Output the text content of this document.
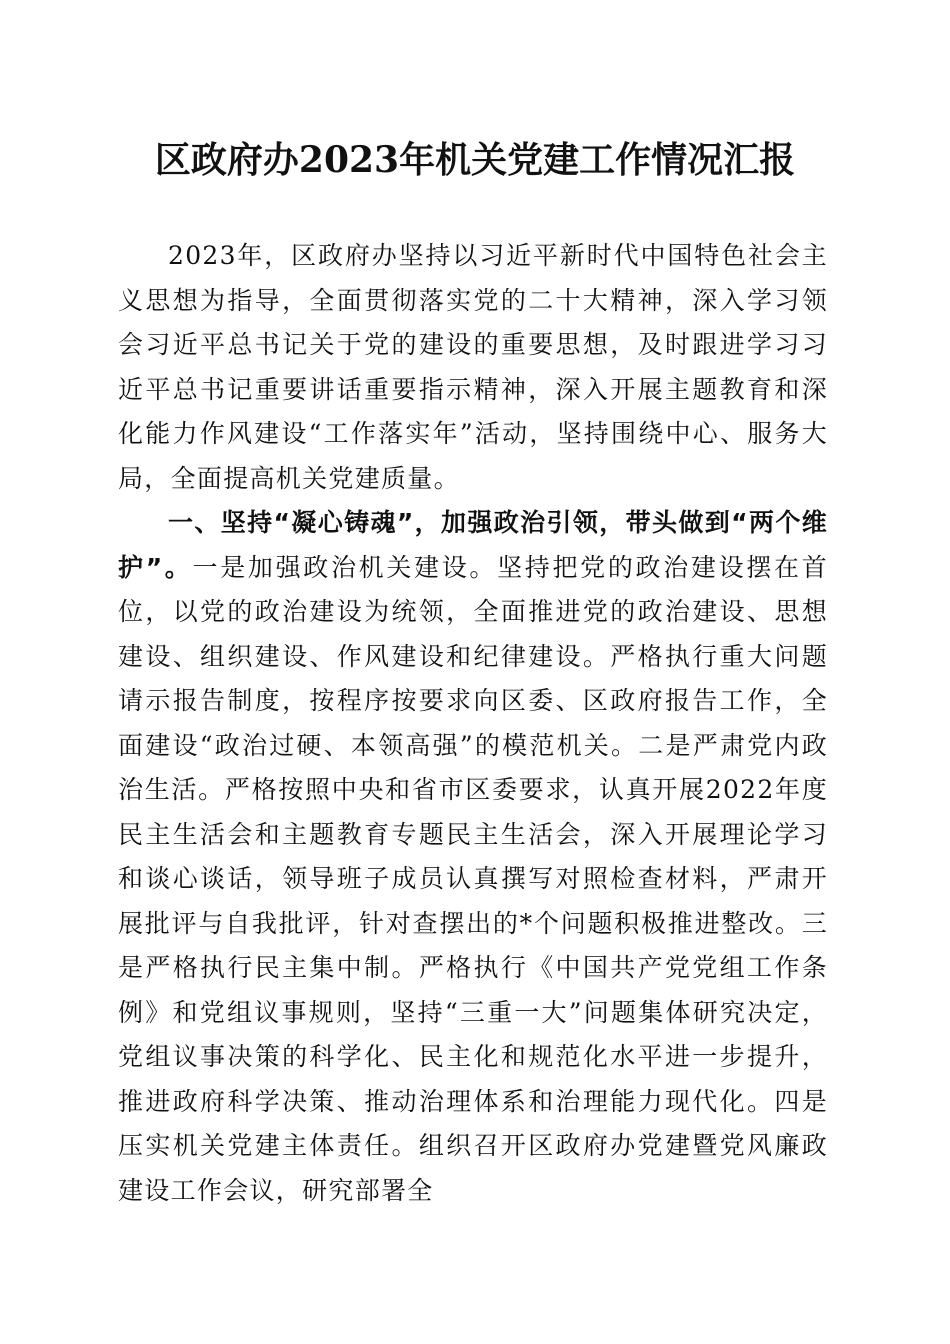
区政府办2023年机关党建工作情况汇报

2023年，区政府办坚持以习近平新时代中国特色社会主义思想为指导，全面贯彻落实党的二十大精神，深入学习领会习近平总书记关于党的建设的重要思想，及时跟进学习习近平总书记重要讲话重要指示精神，深入开展主题教育和深化能力作风建设“工作落实年”活动，坚持围绕中心、服务大局，全面提高机关党建质量。

一、坚持“凝心铸魂”，加强政治引领，带头做到“两个维护”。一是加强政治机关建设。坚持把党的政治建设摆在首位，以党的政治建设为统领，全面推进党的政治建设、思想建设、组织建设、作风建设和纪律建设。严格执行重大问题请示报告制度，按程序按要求向区委、区政府报告工作，全面建设“政治过硬、本领高强”的模范机关。二是严肃党内政治生活。严格按照中央和省市区委要求，认真开展2022年度民主生活会和主题教育专题民主生活会，深入开展理论学习和谈心谈话，领导班子成员认真撰写对照检查材料，严肃开展批评与自我批评，针对查摆出的*个问题积极推进整改。三是严格执行民主集中制。严格执行《中国共产党党组工作条例》和党组议事规则，坚持“三重一大”问题集体研究决定，党组议事决策的科学化、民主化和规范化水平进一步提升，推进政府科学决策、推动治理体系和治理能力现代化。四是压实机关党建主体责任。组织召开区政府办党建暨党风廉政建设工作会议，研究部署全
